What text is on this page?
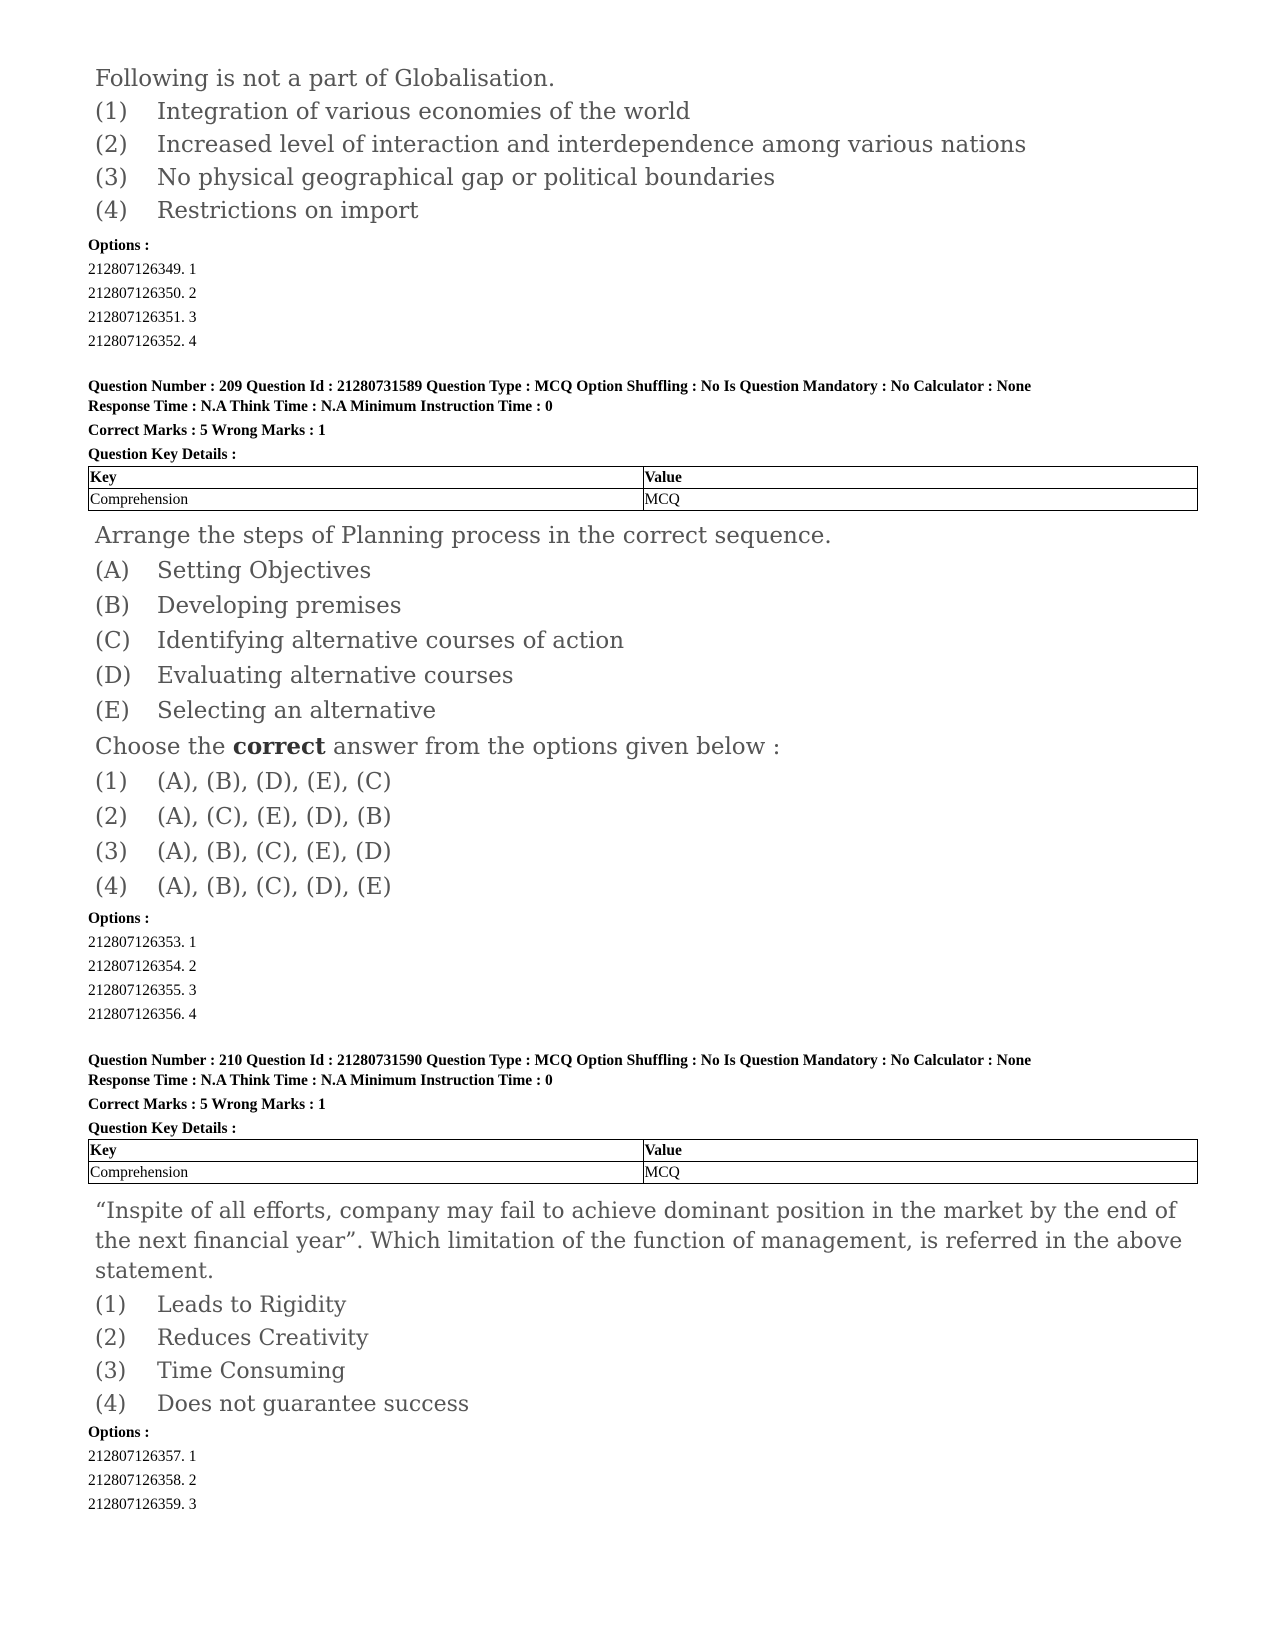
Following is not a part of Globalisation.
(1)	Integration of various economies of the world
(2)	Increased level of interaction and interdependence among various nations
(3)	No physical geographical gap or political boundaries
(4)	Restrictions on import
Options :
212807126349. 1
212807126350. 2
212807126351. 3
212807126352. 4
Question Number : 209 Question Id : 21280731589 Question Type : MCQ Option Shuffling : No Is Question Mandatory : No Calculator : None
Response Time : N.A Think Time : N.A Minimum Instruction Time : 0
Correct Marks : 5 Wrong Marks : 1
Question Key Details :
Key	Value
Comprehension	MCQ
Arrange the steps of Planning process in the correct sequence.
(A)	Setting Objectives
(B)	Developing premises
(C)	Identifying alternative courses of action
(D)	Evaluating alternative courses
(E)	Selecting an alternative
Choose the correct answer from the options given below :
(1)	(A), (B), (D), (E), (C)
(2)	(A), (C), (E), (D), (B)
(3)	(A), (B), (C), (E), (D)
(4)	(A), (B), (C), (D), (E)
Options :
212807126353. 1
212807126354. 2
212807126355. 3
212807126356. 4
Question Number : 210 Question Id : 21280731590 Question Type : MCQ Option Shuffling : No Is Question Mandatory : No Calculator : None
Response Time : N.A Think Time : N.A Minimum Instruction Time : 0
Correct Marks : 5 Wrong Marks : 1
Question Key Details :
Key	Value
Comprehension	MCQ
“Inspite of all efforts, company may fail to achieve dominant position in the market by the end of the next financial year”. Which limitation of the function of management, is referred in the above statement.
(1)	Leads to Rigidity
(2)	Reduces Creativity
(3)	Time Consuming
(4)	Does not guarantee success
Options :
212807126357. 1
212807126358. 2
212807126359. 3
